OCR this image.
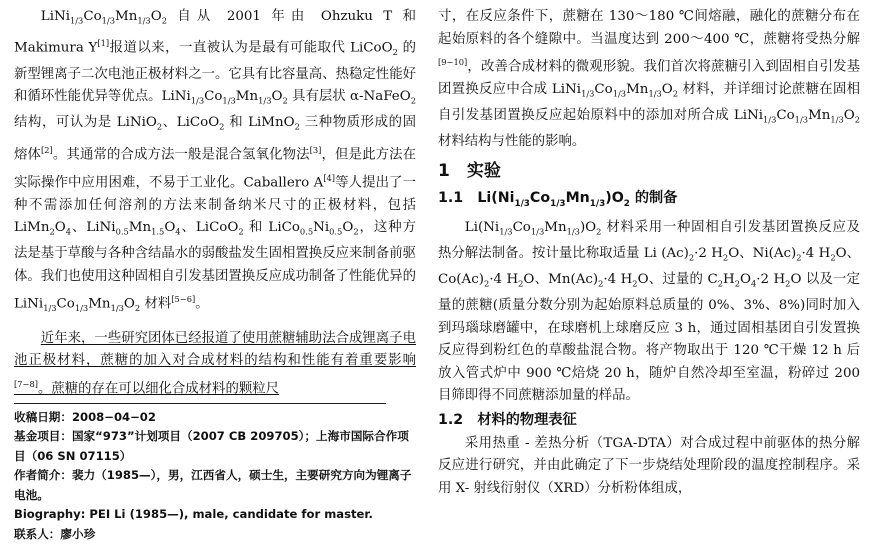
$LiNi_{1/3}Co_{1/3}Mn_{1/3}O_2$ 自从 2001 年由 Ohzuku T 和 Makimura Y[1]报道以来，一直被认为是最有可能取代 LiCoO$_2$ 的新型锂离子二次电池正极材料之一。它具有比容量高、热稳定性能好和循环性能优异等优点。$LiNi_{1/3}Co_{1/3}Mn_{1/3}O_2$ 具有层状 α-NaFeO$_2$ 结构，可认为是 LiNiO$_2$、LiCoO$_2$ 和 LiMnO$_2$ 三种物质形成的固熔体[2]。其通常的合成方法一般是混合氢氧化物法[3]，但是此方法在实际操作中应用困难，不易于工业化。Caballero A[4]等人提出了一种不需添加任何溶剂的方法来制备纳米尺寸的正极材料，包括 $LiMn_2O_4$、$LiNi_{0.5}Mn_{1.5}O_4$、LiCoO$_2$ 和 $LiCo_{0.5}Ni_{0.5}O_2$，这种方法是基于草酸与各种含结晶水的弱酸盐发生固相置换反应来制备前驱体。我们也使用这种固相自引发基团置换反应成功制备了性能优异的 $LiNi_{1/3}Co_{1/3}Mn_{1/3}O_2$ 材料[5−6]。

近年来，一些研究团体已经报道了使用蔗糖辅助法合成锂离子电池正极材料，蔗糖的加入对合成材料的结构和性能有着重要影响[7−8]。蔗糖的存在可以细化合成材料的颗粒尺

收稿日期：2008−04−02

基金项目：国家“973”计划项目（2007 CB 209705）；上海市国际合作项目（06 SN 07115）

作者简介：裴力（1985—），男，江西省人，硕士生，主要研究方向为锂离子电池。

Biography: PEI Li (1985—), male, candidate for master.

联系人：廖小珍

寸，在反应条件下，蔗糖在 130～180 ℃间熔融，融化的蔗糖分布在起始原料的各个缝隙中。当温度达到 200～400 ℃，蔗糖将受热分解[9−10]，改善合成材料的微观形貌。我们首次将蔗糖引入到固相自引发基团置换反应中合成 $LiNi_{1/3}Co_{1/3}Mn_{1/3}O_2$ 材料，并详细讨论蔗糖在固相自引发基团置换反应起始原料中的添加对所合成 $LiNi_{1/3}Co_{1/3}Mn_{1/3}O_2$ 材料结构与性能的影响。

1　实验

1.1　$Li(Ni_{1/3}Co_{1/3}Mn_{1/3})O_2$ 的制备

$Li(Ni_{1/3}Co_{1/3}Mn_{1/3})O_2$ 材料采用一种固相自引发基团置换反应及热分解法制备。按计量比称取适量 Li $(Ac)_2\cdot 2$ $H_2O$、$Ni(Ac)_2\cdot 4$ $H_2O$、$Co(Ac)_2\cdot 4$ $H_2O$、$Mn(Ac)_2\cdot 4$ $H_2O$、过量的 $C_2H_2O_4\cdot 2$ $H_2O$ 以及一定量的蔗糖(质量分数分别为起始原料总质量的 0%、3%、8%)同时加入到玛瑙球磨罐中，在球磨机上球磨反应 3 h，通过固相基团自引发置换反应得到粉红色的草酸盐混合物。将产物取出于 120 ℃干燥 12 h 后放入管式炉中 900 ℃焙烧 20 h，随炉自然冷却至室温，粉碎过 200 目筛即得不同蔗糖添加量的样品。

1.2　材料的物理表征

采用热重 - 差热分析（TGA-DTA）对合成过程中前驱体的热分解反应进行研究，并由此确定了下一步烧结处理阶段的温度控制程序。采用 X- 射线衍射仪（XRD）分析粉体组成，
